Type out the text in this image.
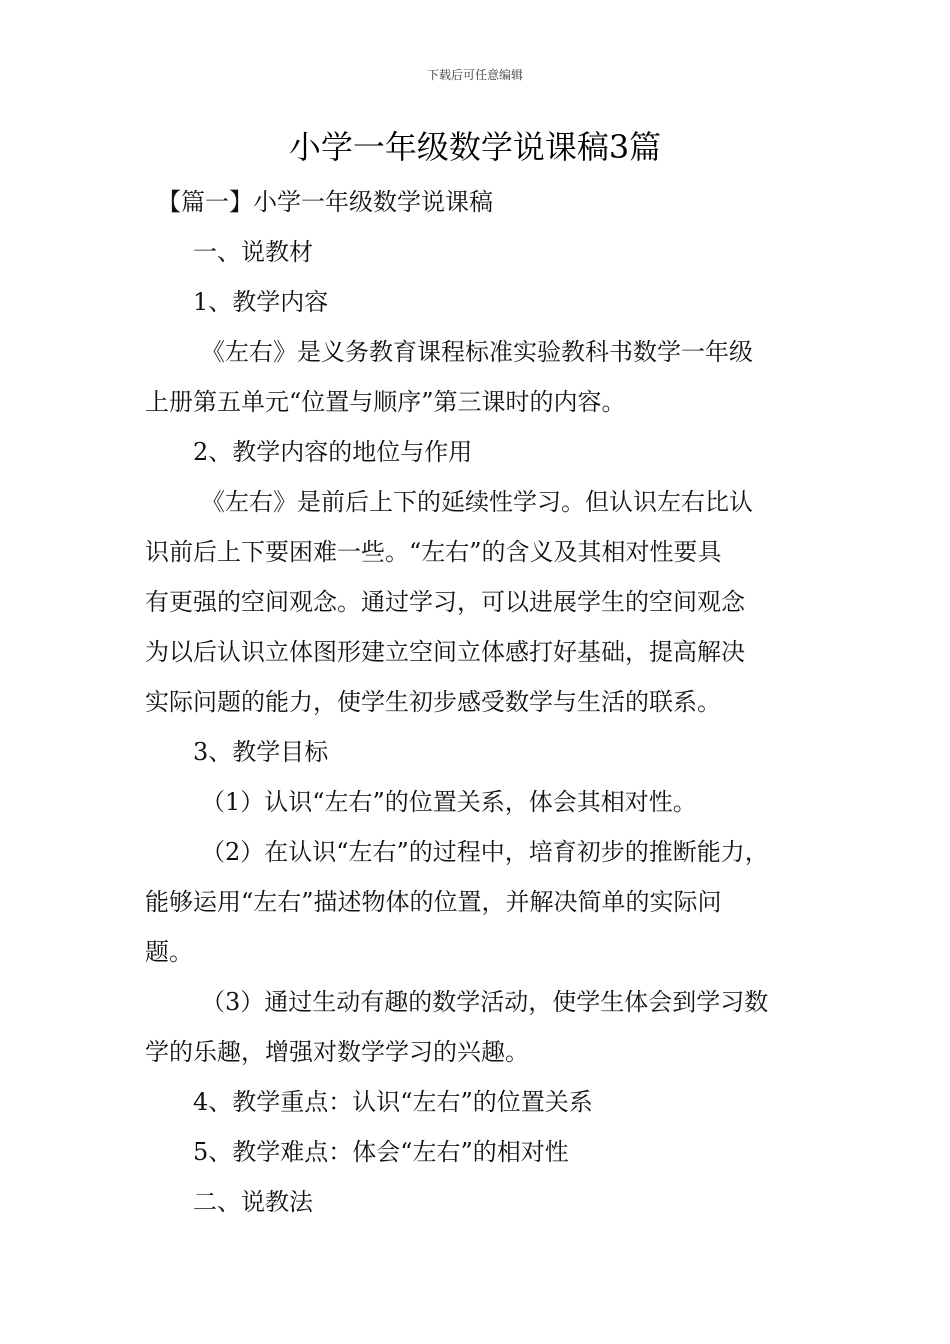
下载后可任意编辑
小学一年级数学说课稿3篇

【篇一】小学一年级数学说课稿

一、说教材

1、教学内容

《左右》是义务教育课程标准实验教科书数学一年级

上册第五单元“位置与顺序”第三课时的内容。

2、教学内容的地位与作用

《左右》是前后上下的延续性学习。但认识左右比认

识前后上下要困难一些。“左右”的含义及其相对性要具

有更强的空间观念。通过学习，可以进展学生的空间观念

为以后认识立体图形建立空间立体感打好基础，提高解决

实际问题的能力，使学生初步感受数学与生活的联系。

3、教学目标

（1）认识“左右”的位置关系，体会其相对性。

（2）在认识“左右”的过程中，培育初步的推断能力，

能够运用“左右”描述物体的位置，并解决简单的实际问

题。

（3）通过生动有趣的数学活动，使学生体会到学习数

学的乐趣，增强对数学学习的兴趣。

4、教学重点：认识“左右”的位置关系

5、教学难点：体会“左右”的相对性

二、说教法
